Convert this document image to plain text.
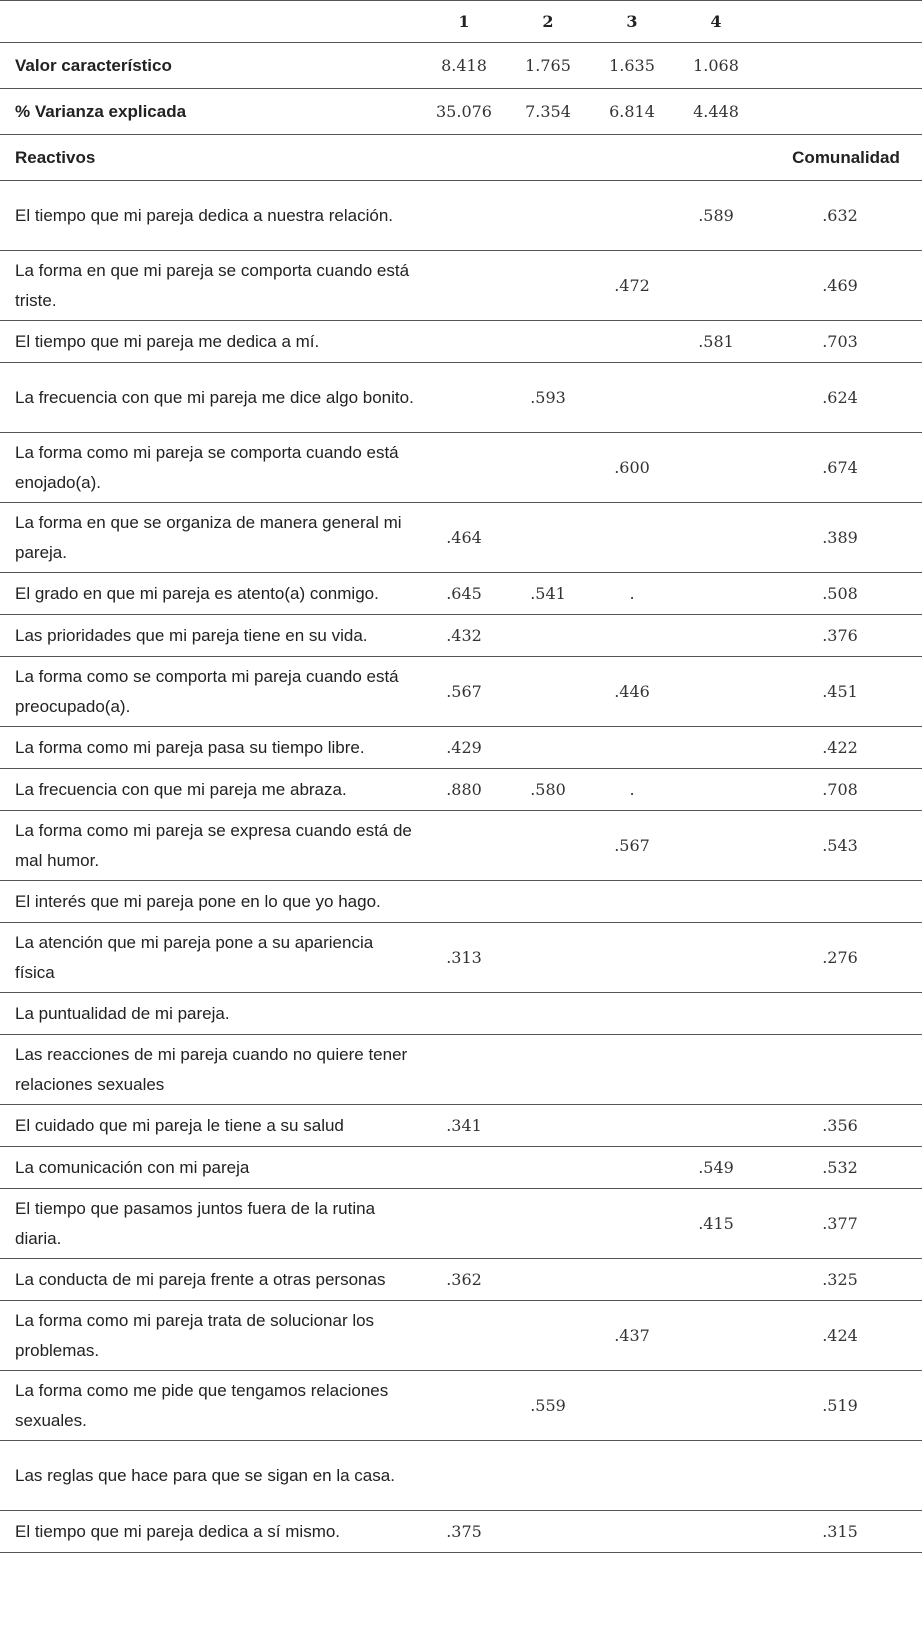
	1	2	3	4	
Valor característico	8.418	1.765	1.635	1.068	
% Varianza explicada	35.076	7.354	6.814	4.448	
Reactivos					Comunalidad
El tiempo que mi pareja dedica a nuestra relación.				.589	.632
La forma en que mi pareja se comporta cuando está triste.			.472		.469
El tiempo que mi pareja me dedica a mí.				.581	.703
La frecuencia con que mi pareja me dice algo bonito.		.593			.624
La forma como mi pareja se comporta cuando está enojado(a).			.600		.674
La forma en que se organiza de manera general mi pareja.	.464				.389
El grado en que mi pareja es atento(a) conmigo.	.645	.541	.		.508
Las prioridades que mi pareja tiene en su vida.	.432				.376
La forma como se comporta mi pareja cuando está preocupado(a).	.567		.446		.451
La forma como mi pareja pasa su tiempo libre.	.429				.422
La frecuencia con que mi pareja me abraza.	.880	.580	.		.708
La forma como mi pareja se expresa cuando está de mal humor.			.567		.543
El interés que mi pareja pone en lo que yo hago.					
La atención que mi pareja pone a su apariencia física	.313				.276
La puntualidad de mi pareja.					
Las reacciones de mi pareja cuando no quiere tener relaciones sexuales					
El cuidado que mi pareja le tiene a su salud	.341				.356
La comunicación con mi pareja				.549	.532
El tiempo que pasamos juntos fuera de la rutina diaria.				.415	.377
La conducta de mi pareja frente a otras personas	.362				.325
La forma como mi pareja trata de solucionar los problemas.			.437		.424
La forma como me pide que tengamos relaciones sexuales.		.559			.519
Las reglas que hace para que se sigan en la casa.					
El tiempo que mi pareja dedica a sí mismo.	.375				.315
